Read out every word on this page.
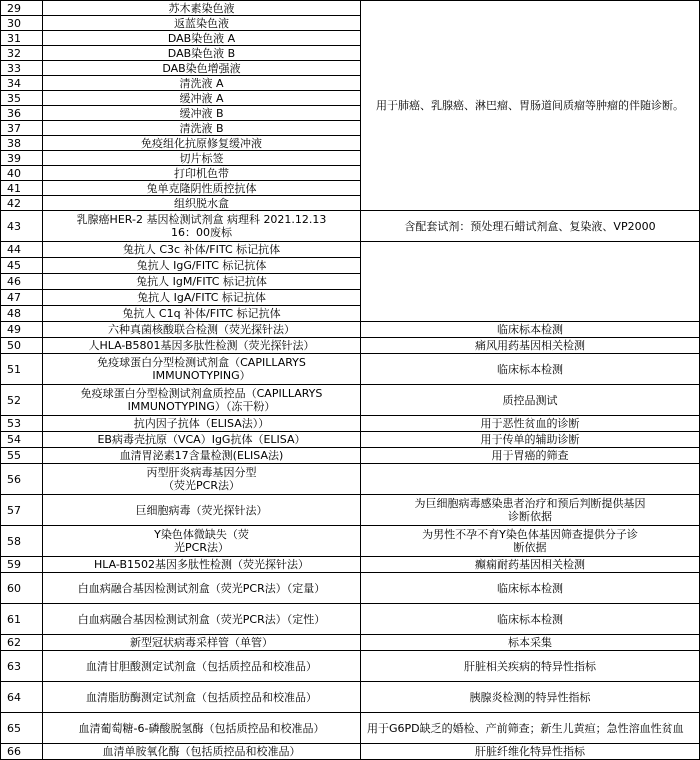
29	苏木素染色液	用于肺癌、乳腺癌、淋巴瘤、胃肠道间质瘤等肿瘤的伴随诊断。
30	返蓝染色液	
31	DAB染色液 A	
32	DAB染色液 B	
33	DAB染色增强液	
34	清洗液 A	
35	缓冲液 A	
36	缓冲液 B	
37	清洗液 B	
38	免疫组化抗原修复缓冲液	
39	切片标签	
40	打印机色带	
41	兔单克隆阴性质控抗体	
42	组织脱水盒	
43	乳腺癌HER-2 基因检测试剂盒 病理科 2021.12.13 16：00废标	含配套试剂：预处理石蜡试剂盒、复染液、VP2000
44	兔抗人 C3c 补体/FITC 标记抗体	
45	兔抗人 IgG/FITC 标记抗体	
46	兔抗人 IgM/FITC 标记抗体	
47	兔抗人 IgA/FITC 标记抗体	
48	兔抗人 C1q 补体/FITC 标记抗体	
49	六种真菌核酸联合检测（荧光探针法）	临床标本检测
50	人HLA-B5801基因多肽性检测（荧光探针法）	痛风用药基因相关检测
51	免疫球蛋白分型检测试剂盒（CAPILLARYS IMMUNOTYPING）	临床标本检测
52	免疫球蛋白分型检测试剂盒质控品（CAPILLARYS IMMUNOTYPING）（冻干粉）	质控品测试
53	抗内因子抗体（ELISA法））	用于恶性贫血的诊断
54	EB病毒壳抗原（VCA）IgG抗体（ELISA）	用于传单的辅助诊断
55	血清胃泌素17含量检测(ELISA法)	用于胃癌的筛查
56	丙型肝炎病毒基因分型（荧光PCR法）	
57	巨细胞病毒（荧光探针法）	为巨细胞病毒感染患者治疗和预后判断提供基因诊断依据
58	Y染色体微缺失（荧光PCR法）	为男性不孕不育Y染色体基因筛查提供分子诊断依据
59	HLA-B1502基因多肽性检测（荧光探针法）	癫痫耐药基因相关检测
60	白血病融合基因检测试剂盒（荧光PCR法）（定量）	临床标本检测
61	白血病融合基因检测试剂盒（荧光PCR法）（定性）	临床标本检测
62	新型冠状病毒采样管（单管）	标本采集
63	血清甘胆酸测定试剂盒（包括质控品和校准品）	肝脏相关疾病的特异性指标
64	血清脂肪酶测定试剂盒（包括质控品和校准品）	胰腺炎检测的特异性指标
65	血清葡萄糖-6-磷酸脱氢酶（包括质控品和校准品）	用于G6PD缺乏的婚检、产前筛查；新生儿黄疸；急性溶血性贫血
66	血清单胺氧化酶（包括质控品和校准品）	肝脏纤维化特异性指标
